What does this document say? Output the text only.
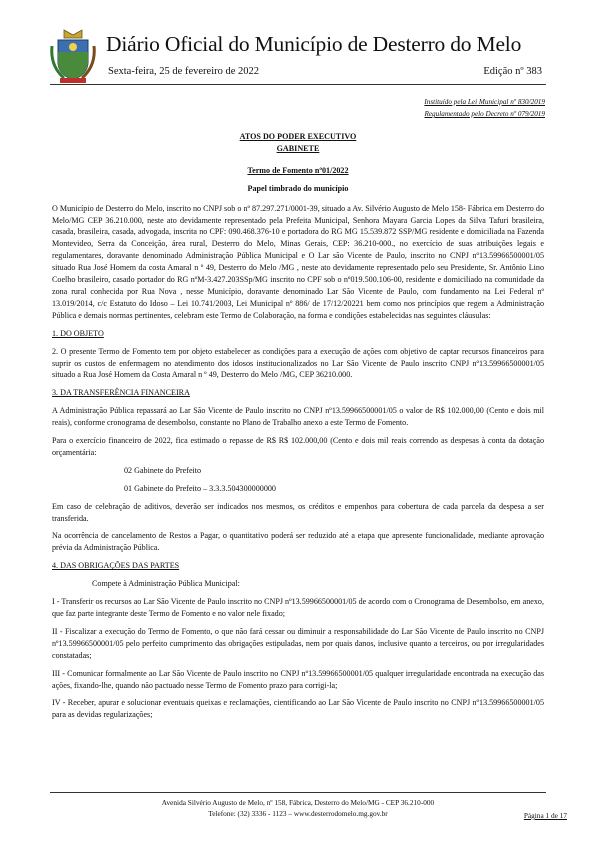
Diário Oficial do Município de Desterro do Melo
Sexta-feira, 25 de fevereiro de 2022	Edição nº 383
Instituído pela Lei Municipal nº 830/2019
Regulamentado pelo Decreto nº 079/2019
ATOS DO PODER EXECUTIVO
GABINETE
Termo de Fomento nº01/2022
Papel timbrado do município

O Município de Desterro do Melo, inscrito no CNPJ sob o nº 87.297.271/0001-39, situado a Av. Silvério Augusto de Melo 158- Fábrica em Desterro do Melo/MG CEP 36.210.000, neste ato devidamente representado pela Prefeita Municipal, Senhora Mayara Garcia Lopes da Silva Tafuri brasileira, casada, brasileira, casada, advogada, inscrita no CPF: 090.468.376-10 e portadora do RG MG 15.539.872 SSP/MG residente e domiciliada na Fazenda Montevideo, Serra da Conceição, área rural, Desterro do Melo, Minas Gerais, CEP: 36.210-000., no exercício de suas atribuições legais e regulamentares, doravante denominado Administração Pública Municipal e O Lar são Vicente de Paulo, inscrito no CNPJ nº13.59966500001/05 situado Rua José Homem da costa Amaral n º 49, Desterro do Melo /MG , neste ato devidamente representado pelo seu Presidente, Sr. Antônio Lino Coelho brasileiro, casado portador do RG nºM-3.427.203SSp/MG inscrito no CPF sob o nº019.500.106-00, residente e domiciliado na comunidade da zona rural conhecida por Rua Nova , nesse Município, doravante denominado Lar São Vicente de Paulo, com fundamento na Lei Federal nº 13.019/2014, c/c Estatuto do Idoso – Lei 10.741/2003, Lei Municipal nº 886/ de 17/12/20221 bem como nos princípios que regem a Administração Pública e demais normas pertinentes, celebram este Termo de Colaboração, na forma e condições estabelecidas nas seguintes cláusulas:

1. DO OBJETO

2. O presente Termo de Fomento tem por objeto estabelecer as condições para a execução de ações com objetivo de captar recursos financeiros para suprir os custos de enfermagem no atendimento dos idosos institucionalizados no Lar São Vicente de Paulo inscrito CNPJ nº13.59966500001/05 situado a Rua José Homem da Costa Amaral n º 49, Desterro do Melo /MG, CEP 36210.000.

3. DA TRANSFERÊNCIA FINANCEIRA

A Administração Pública repassará ao Lar São Vicente de Paulo inscrito no CNPJ nº13.59966500001/05 o valor de R$ 102.000,00 (Cento e dois mil reais), conforme cronograma de desembolso, constante no Plano de Trabalho anexo a este Termo de Fomento.

Para o exercício financeiro de 2022, fica estimado o repasse de R$ R$ 102.000,00 (Cento e dois mil reais correndo as despesas à conta da dotação orçamentária:

02 Gabinete do Prefeito

01 Gabinete do Prefeito – 3.3.3.504300000000

Em caso de celebração de aditivos, deverão ser indicados nos mesmos, os créditos e empenhos para cobertura de cada parcela da despesa a ser transferida.

Na ocorrência de cancelamento de Restos a Pagar, o quantitativo poderá ser reduzido até a etapa que apresente funcionalidade, mediante aprovação prévia da Administração Pública.

4. DAS OBRIGAÇÕES DAS PARTES

Compete à Administração Pública Municipal:

I - Transferir os recursos ao Lar São Vicente de Paulo inscrito no CNPJ nº13.59966500001/05 de acordo com o Cronograma de Desembolso, em anexo, que faz parte integrante deste Termo de Fomento e no valor nele fixado;

II - Fiscalizar a execução do Termo de Fomento, o que não fará cessar ou diminuir a responsabilidade do Lar São Vicente de Paulo inscrito no CNPJ nº13.59966500001/05 pelo perfeito cumprimento das obrigações estipuladas, nem por quais danos, inclusive quanto a terceiros, ou por irregularidades constatadas;

III - Comunicar formalmente ao Lar São Vicente de Paulo inscrito no CNPJ nº13.59966500001/05 qualquer irregularidade encontrada na execução das ações, fixando-lhe, quando não pactuado nesse Termo de Fomento prazo para corrigi-la;

IV - Receber, apurar e solucionar eventuais queixas e reclamações, cientificando ao Lar São Vicente de Paulo inscrito no CNPJ nº13.59966500001/05 para as devidas regularizações;

Avenida Silvério Augusto de Melo, nº 158, Fábrica, Desterro do Melo/MG - CEP 36.210-000
Telefone: (32) 3336 - 1123 – www.desterrodomelo.mg.gov.br	Página 1 de 17
